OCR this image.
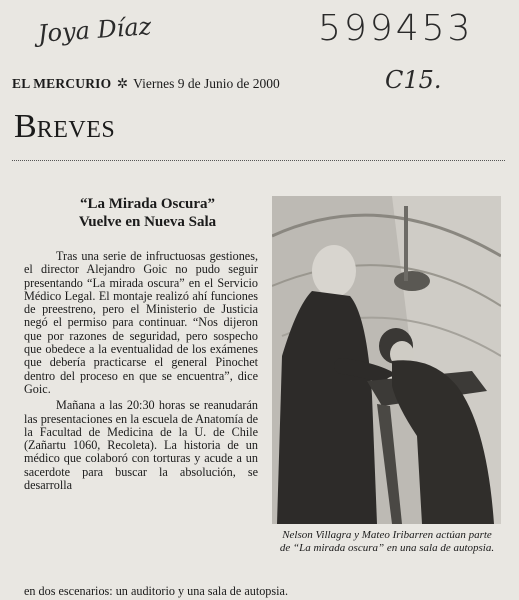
Joya Díaz	599453
C15.
EL MERCURIO ✲ Viernes 9 de Junio de 2000
BREVES
“La Mirada Oscura”
Vuelve en Nueva Sala

Tras una serie de infructuosas gestiones, el director Alejandro Goic no pudo seguir presentando “La mirada oscura” en el Servicio Médico Legal. El montaje realizó ahí funciones de preestreno, pero el Ministerio de Justicia negó el permiso para continuar. “Nos dijeron que por razones de seguridad, pero sospecho que obedece a la eventualidad de los exámenes que debería practicarse el general Pinochet dentro del proceso en que se encuentra”, dice Goic.

Mañana a las 20:30 horas se reanudarán las presentaciones en la escuela de Anatomía de la Facultad de Medicina de la U. de Chile (Zañartu 1060, Recoleta). La historia de un médico que colaboró con torturas y acude a un sacerdote para buscar la absolución, se desarrolla

en dos escenarios: un auditorio y una sala de autopsia.
Nelson Villagra y Mateo Iribarren actúan parte de “La mirada oscura” en una sala de autopsia.
